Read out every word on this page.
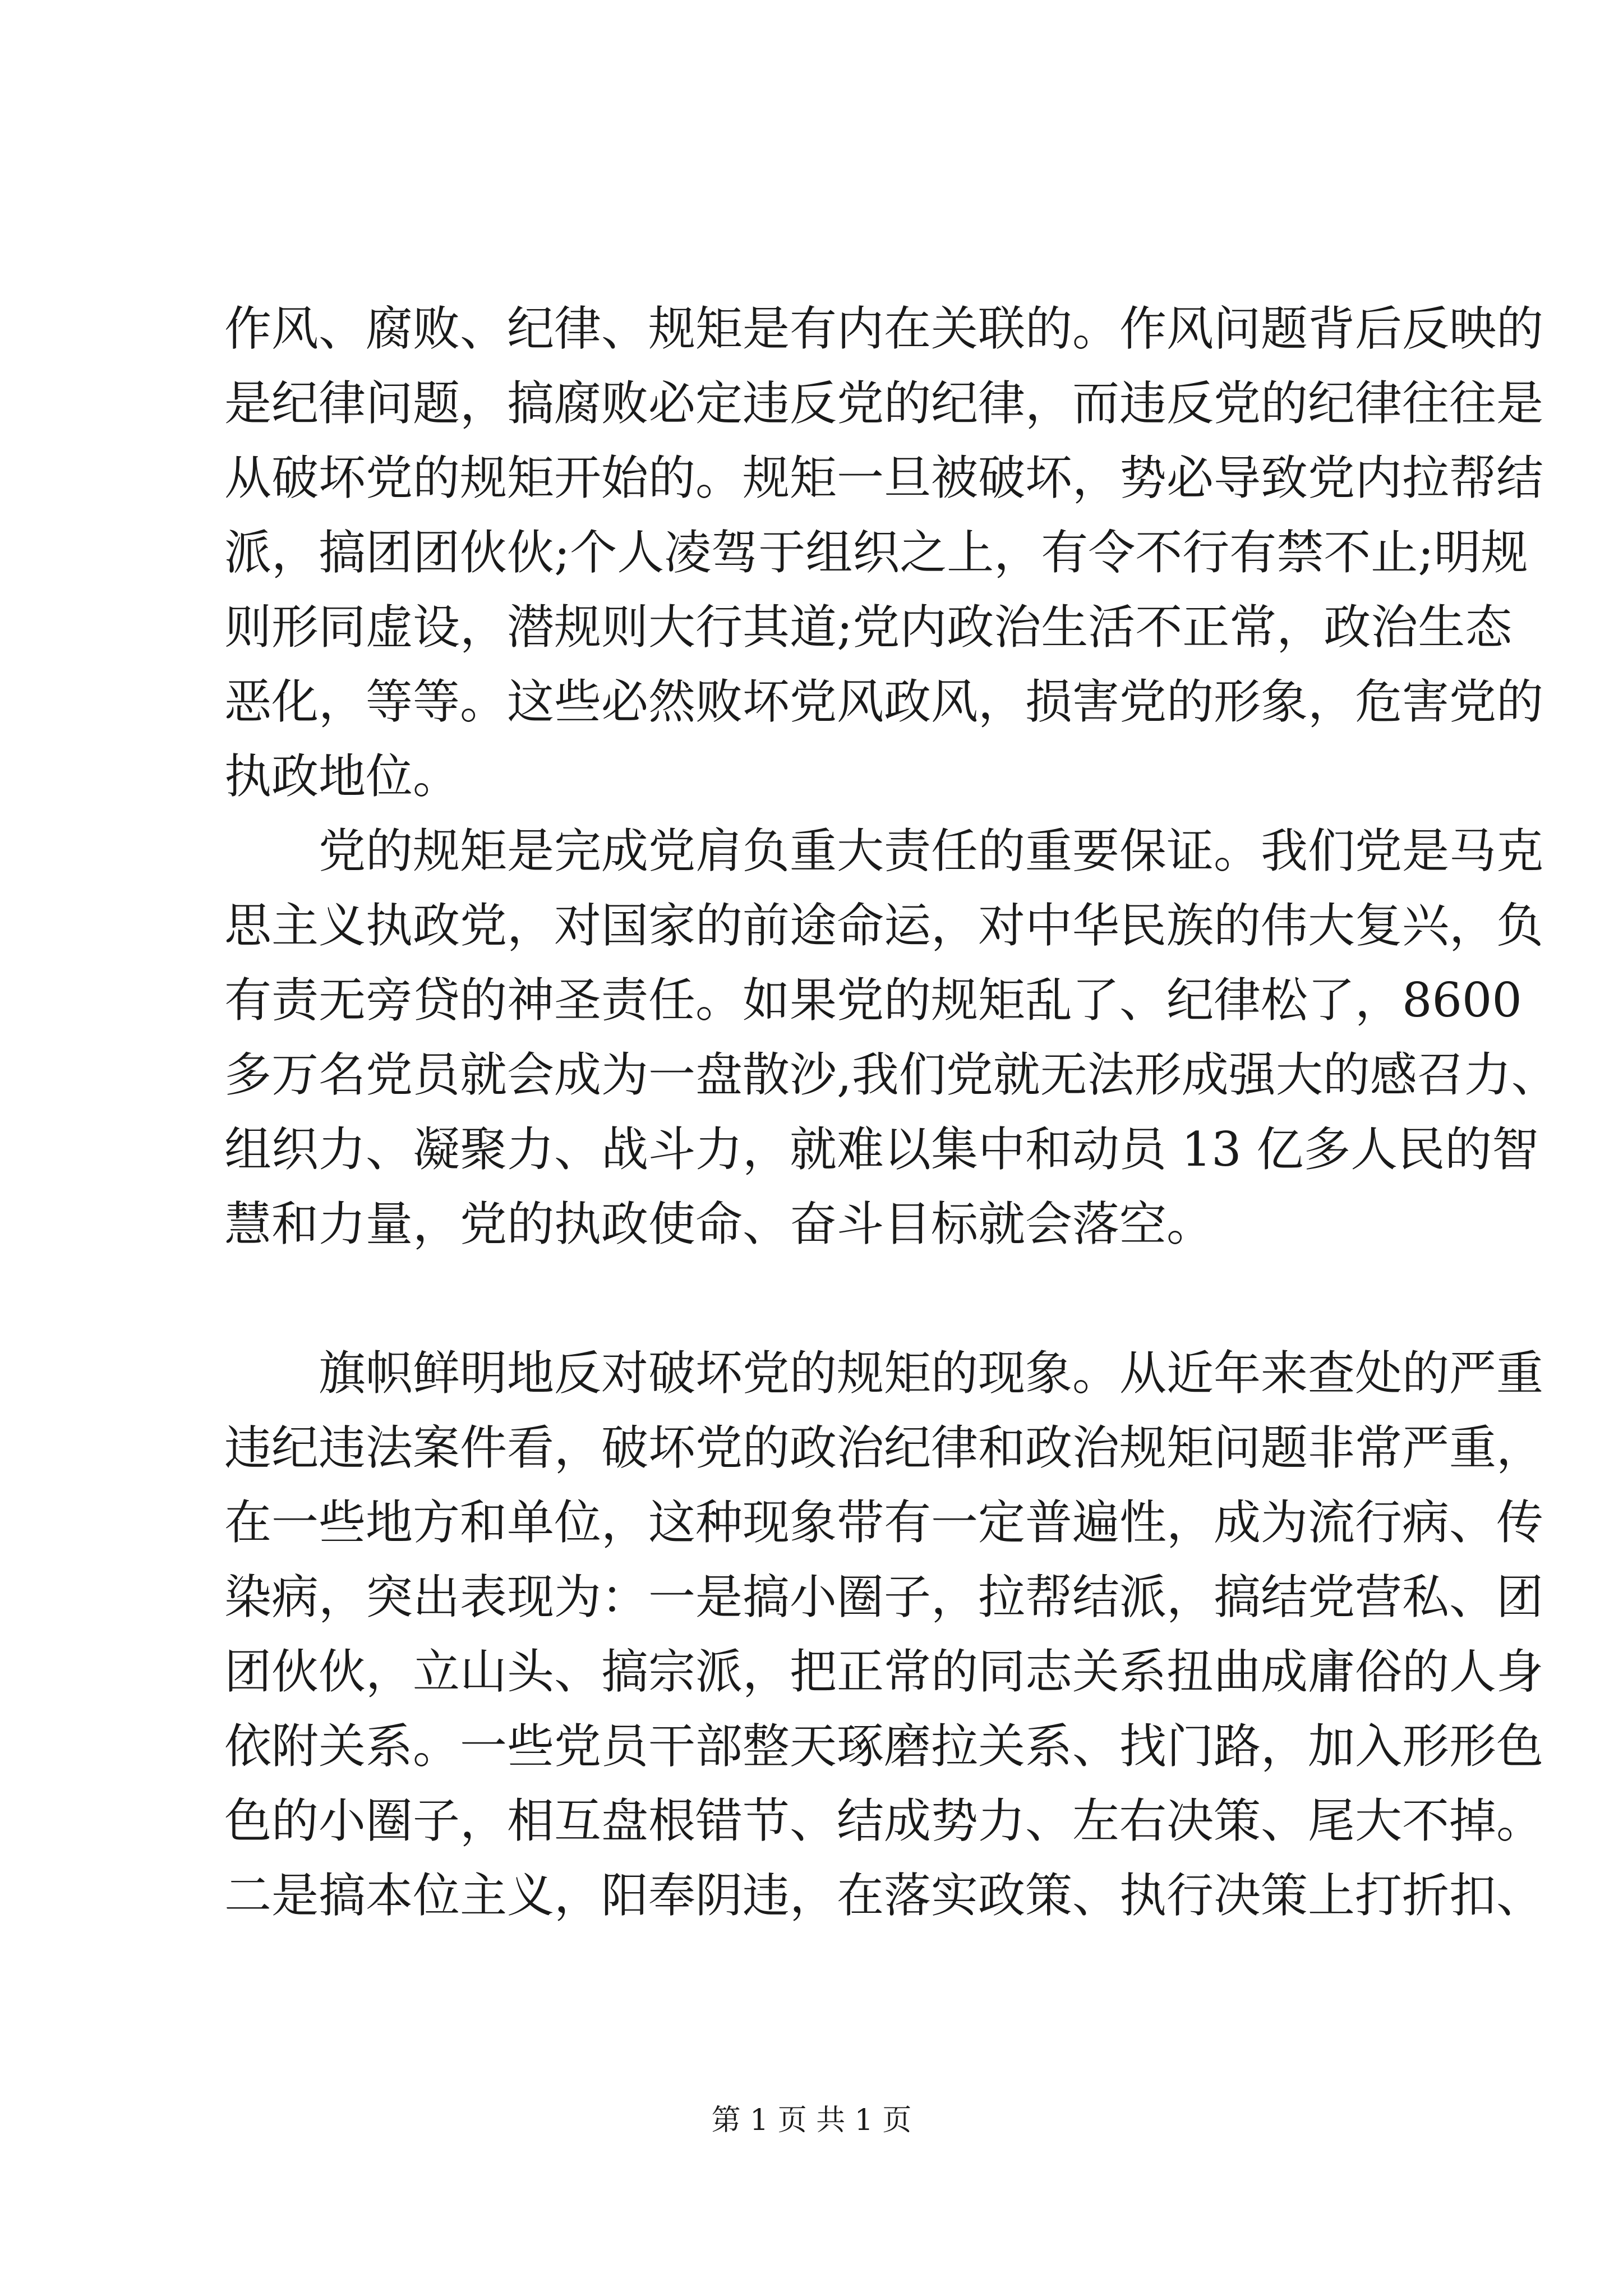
作风、腐败、纪律、规矩是有内在关联的。作风问题背后反映的
是纪律问题，搞腐败必定违反党的纪律，而违反党的纪律往往是
从破坏党的规矩开始的。规矩一旦被破坏，势必导致党内拉帮结
派，搞团团伙伙;个人凌驾于组织之上，有令不行有禁不止;明规
则形同虚设，潜规则大行其道;党内政治生活不正常，政治生态
恶化，等等。这些必然败坏党风政风，损害党的形象，危害党的
执政地位。
　　党的规矩是完成党肩负重大责任的重要保证。我们党是马克
思主义执政党，对国家的前途命运，对中华民族的伟大复兴，负
有责无旁贷的神圣责任。如果党的规矩乱了、纪律松了，8600
多万名党员就会成为一盘散沙,我们党就无法形成强大的感召力、
组织力、凝聚力、战斗力，就难以集中和动员 13 亿多人民的智
慧和力量，党的执政使命、奋斗目标就会落空。
　　旗帜鲜明地反对破坏党的规矩的现象。从近年来查处的严重
违纪违法案件看，破坏党的政治纪律和政治规矩问题非常严重，
在一些地方和单位，这种现象带有一定普遍性，成为流行病、传
染病，突出表现为：一是搞小圈子，拉帮结派，搞结党营私、团
团伙伙，立山头、搞宗派，把正常的同志关系扭曲成庸俗的人身
依附关系。一些党员干部整天琢磨拉关系、找门路，加入形形色
色的小圈子，相互盘根错节、结成势力、左右决策、尾大不掉。
二是搞本位主义，阳奉阴违，在落实政策、执行决策上打折扣、
第 1 页 共 1 页
